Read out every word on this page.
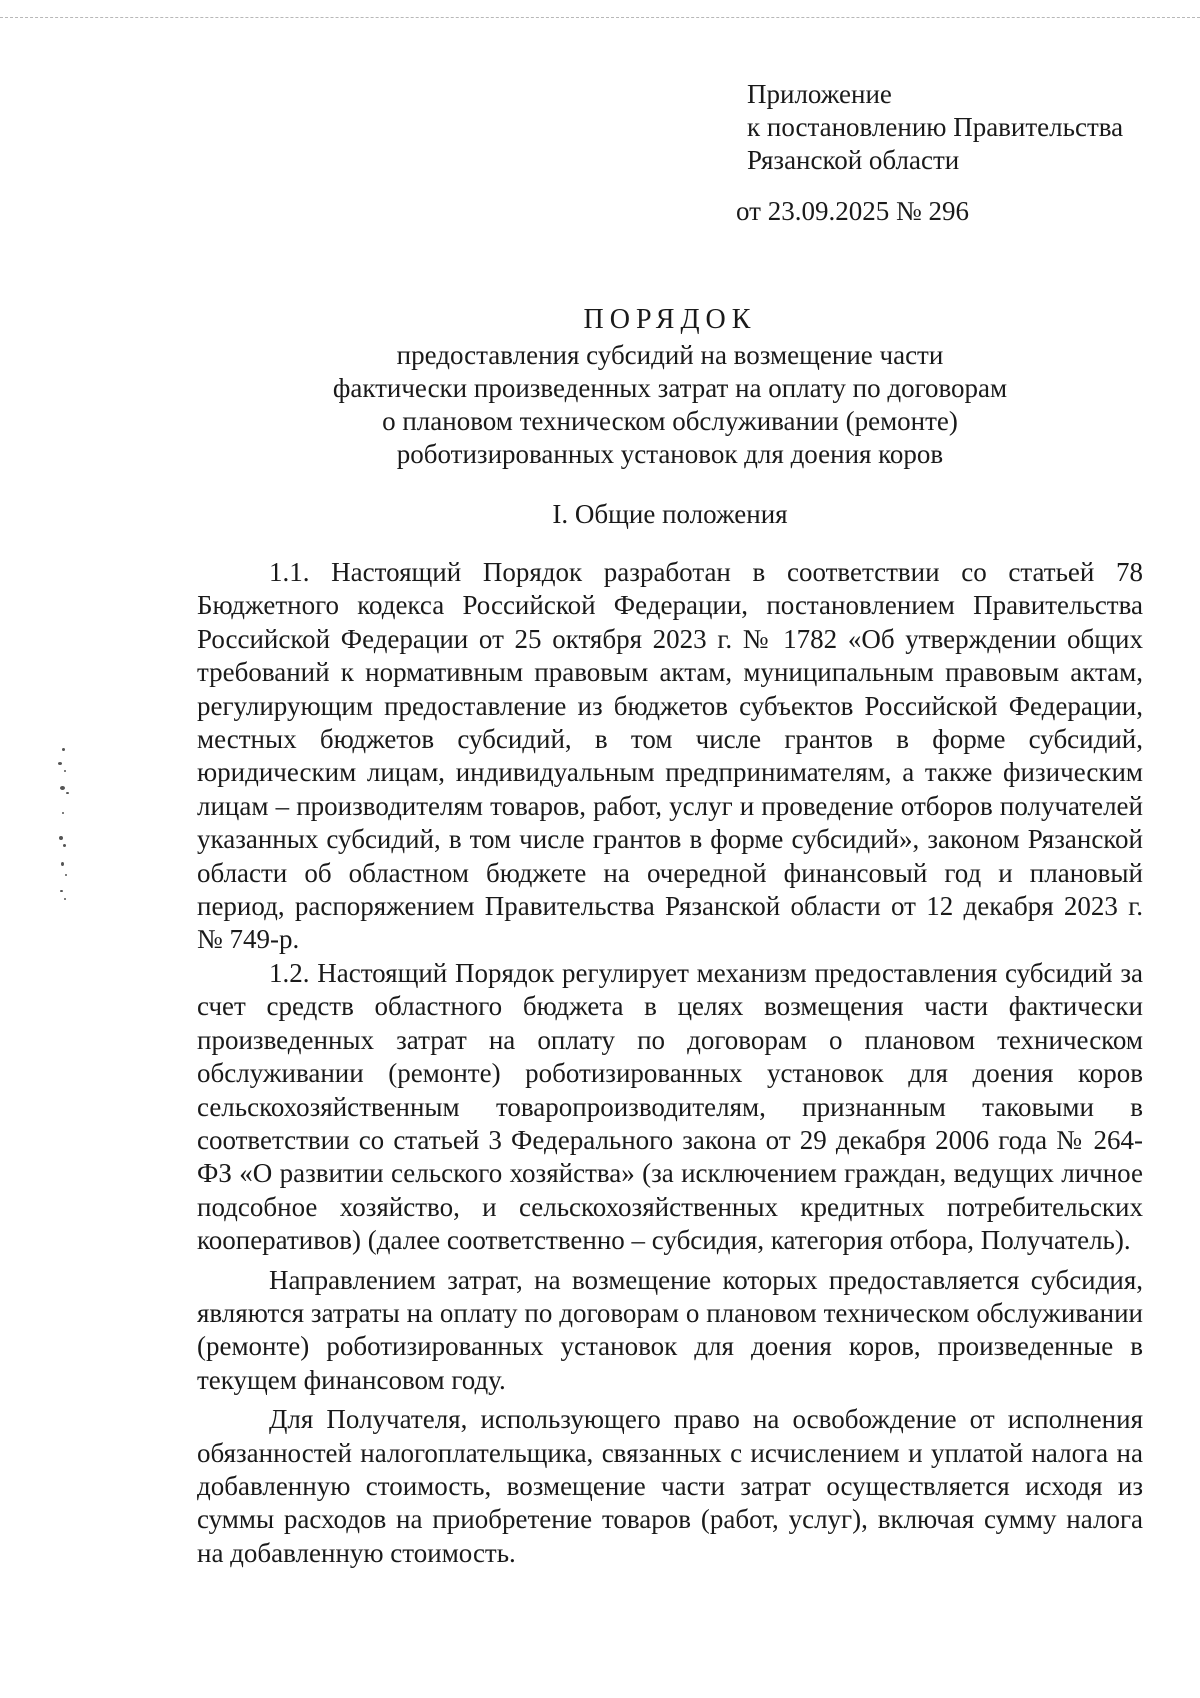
Приложение
к постановлению Правительства
Рязанской области
от 23.09.2025 № 296
ПОРЯДОК
предоставления субсидий на возмещение части
фактически произведенных затрат на оплату по договорам
о плановом техническом обслуживании (ремонте)
роботизированных установок для доения коров
I. Общие положения

1.1. Настоящий Порядок разработан в соответствии со статьей 78 Бюджетного кодекса Российской Федерации, постановлением Правительства Российской Федерации от 25 октября 2023 г. № 1782 «Об утверждении общих требований к нормативным правовым актам, муниципальным правовым актам, регулирующим предоставление из бюджетов субъектов Российской Федерации, местных бюджетов субсидий, в том числе грантов в форме субсидий, юридическим лицам, индивидуальным предпринимателям, а также физическим лицам – производителям товаров, работ, услуг и проведение отборов получателей указанных субсидий, в том числе грантов в форме субсидий», законом Рязанской области об областном бюджете на очередной финансовый год и плановый период, распоряжением Правительства Рязанской области от 12 декабря 2023 г. № 749-р.

1.2. Настоящий Порядок регулирует механизм предоставления субсидий за счет средств областного бюджета в целях возмещения части фактически произведенных затрат на оплату по договорам о плановом техническом обслуживании (ремонте) роботизированных установок для доения коров сельскохозяйственным товаропроизводителям, признанным таковыми в соответствии со статьей 3 Федерального закона от 29 декабря 2006 года № 264-ФЗ «О развитии сельского хозяйства» (за исключением граждан, ведущих личное подсобное хозяйство, и сельскохозяйственных кредитных потребительских кооперативов) (далее соответственно – субсидия, категория отбора, Получатель).

Направлением затрат, на возмещение которых предоставляется субсидия, являются затраты на оплату по договорам о плановом техническом обслуживании (ремонте) роботизированных установок для доения коров, произведенные в текущем финансовом году.

Для Получателя, использующего право на освобождение от исполнения обязанностей налогоплательщика, связанных с исчислением и уплатой налога на добавленную стоимость, возмещение части затрат осуществляется исходя из суммы расходов на приобретение товаров (работ, услуг), включая сумму налога на добавленную стоимость.
